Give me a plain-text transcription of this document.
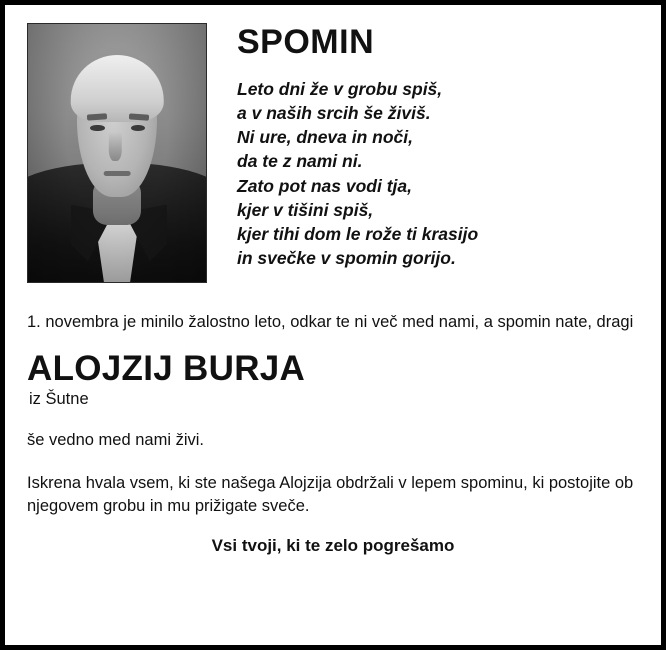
SPOMIN
Leto dni že v grobu spiš,
a v naših srcih še živiš.
Ni ure, dneva in noči,
da te z nami ni.
Zato pot nas vodi tja,
kjer v tišini spiš,
kjer tihi dom le rože ti krasijo
in svečke v spomin gorijo.

1. novembra je minilo žalostno leto, odkar te ni več med nami, a spomin nate, dragi

ALOJZIJ BURJA

iz Šutne

še vedno med nami živi.

Iskrena hvala vsem, ki ste našega Alojzija obdržali v lepem spominu, ki postojite ob njegovem grobu in mu prižigate sveče.

Vsi tvoji, ki te zelo pogrešamo
